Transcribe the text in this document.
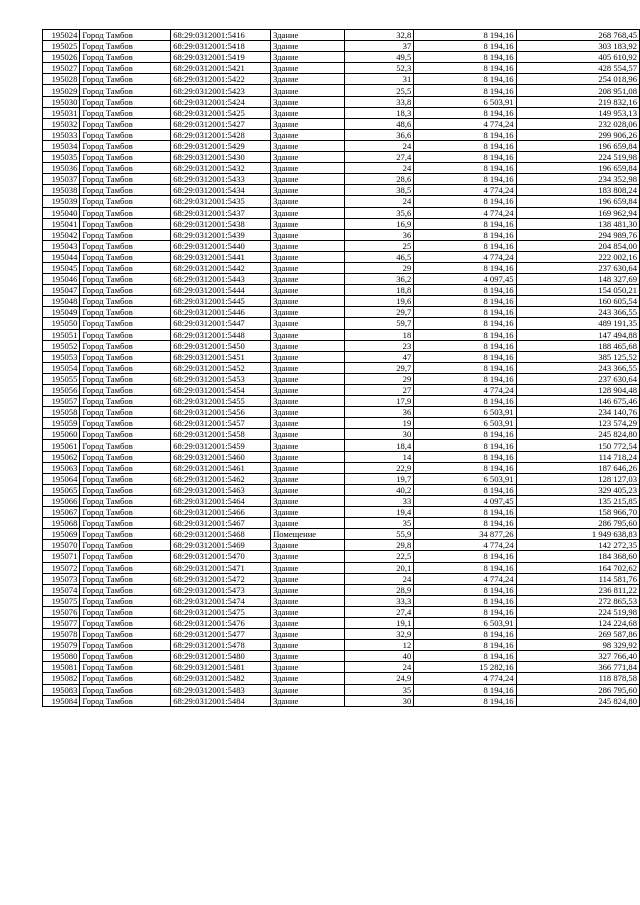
195024	Город Тамбов	68:29:0312001:5416	Здание	32,8	8 194,16	268 768,45
195025	Город Тамбов	68:29:0312001:5418	Здание	37	8 194,16	303 183,92
195026	Город Тамбов	68:29:0312001:5419	Здание	49,5	8 194,16	405 610,92
195027	Город Тамбов	68:29:0312001:5421	Здание	52,3	8 194,16	428 554,57
195028	Город Тамбов	68:29:0312001:5422	Здание	31	8 194,16	254 018,96
195029	Город Тамбов	68:29:0312001:5423	Здание	25,5	8 194,16	208 951,08
195030	Город Тамбов	68:29:0312001:5424	Здание	33,8	6 503,91	219 832,16
195031	Город Тамбов	68:29:0312001:5425	Здание	18,3	8 194,16	149 953,13
195032	Город Тамбов	68:29:0312001:5427	Здание	48,6	4 774,24	232 028,06
195033	Город Тамбов	68:29:0312001:5428	Здание	36,6	8 194,16	299 906,26
195034	Город Тамбов	68:29:0312001:5429	Здание	24	8 194,16	196 659,84
195035	Город Тамбов	68:29:0312001:5430	Здание	27,4	8 194,16	224 519,98
195036	Город Тамбов	68:29:0312001:5432	Здание	24	8 194,16	196 659,84
195037	Город Тамбов	68:29:0312001:5433	Здание	28,6	8 194,16	234 352,98
195038	Город Тамбов	68:29:0312001:5434	Здание	38,5	4 774,24	183 808,24
195039	Город Тамбов	68:29:0312001:5435	Здание	24	8 194,16	196 659,84
195040	Город Тамбов	68:29:0312001:5437	Здание	35,6	4 774,24	169 962,94
195041	Город Тамбов	68:29:0312001:5438	Здание	16,9	8 194,16	138 481,30
195042	Город Тамбов	68:29:0312001:5439	Здание	36	8 194,16	294 989,76
195043	Город Тамбов	68:29:0312001:5440	Здание	25	8 194,16	204 854,00
195044	Город Тамбов	68:29:0312001:5441	Здание	46,5	4 774,24	222 002,16
195045	Город Тамбов	68:29:0312001:5442	Здание	29	8 194,16	237 630,64
195046	Город Тамбов	68:29:0312001:5443	Здание	36,2	4 097,45	148 327,69
195047	Город Тамбов	68:29:0312001:5444	Здание	18,8	8 194,16	154 050,21
195048	Город Тамбов	68:29:0312001:5445	Здание	19,6	8 194,16	160 605,54
195049	Город Тамбов	68:29:0312001:5446	Здание	29,7	8 194,16	243 366,55
195050	Город Тамбов	68:29:0312001:5447	Здание	59,7	8 194,16	489 191,35
195051	Город Тамбов	68:29:0312001:5448	Здание	18	8 194,16	147 494,88
195052	Город Тамбов	68:29:0312001:5450	Здание	23	8 194,16	188 465,68
195053	Город Тамбов	68:29:0312001:5451	Здание	47	8 194,16	385 125,52
195054	Город Тамбов	68:29:0312001:5452	Здание	29,7	8 194,16	243 366,55
195055	Город Тамбов	68:29:0312001:5453	Здание	29	8 194,16	237 630,64
195056	Город Тамбов	68:29:0312001:5454	Здание	27	4 774,24	128 904,48
195057	Город Тамбов	68:29:0312001:5455	Здание	17,9	8 194,16	146 675,46
195058	Город Тамбов	68:29:0312001:5456	Здание	36	6 503,91	234 140,76
195059	Город Тамбов	68:29:0312001:5457	Здание	19	6 503,91	123 574,29
195060	Город Тамбов	68:29:0312001:5458	Здание	30	8 194,16	245 824,80
195061	Город Тамбов	68:29:0312001:5459	Здание	18,4	8 194,16	150 772,54
195062	Город Тамбов	68:29:0312001:5460	Здание	14	8 194,16	114 718,24
195063	Город Тамбов	68:29:0312001:5461	Здание	22,9	8 194,16	187 646,26
195064	Город Тамбов	68:29:0312001:5462	Здание	19,7	6 503,91	128 127,03
195065	Город Тамбов	68:29:0312001:5463	Здание	40,2	8 194,16	329 405,23
195066	Город Тамбов	68:29:0312001:5464	Здание	33	4 097,45	135 215,85
195067	Город Тамбов	68:29:0312001:5466	Здание	19,4	8 194,16	158 966,70
195068	Город Тамбов	68:29:0312001:5467	Здание	35	8 194,16	286 795,60
195069	Город Тамбов	68:29:0312001:5468	Помещение	55,9	34 877,26	1 949 638,83
195070	Город Тамбов	68:29:0312001:5469	Здание	29,8	4 774,24	142 272,35
195071	Город Тамбов	68:29:0312001:5470	Здание	22,5	8 194,16	184 368,60
195072	Город Тамбов	68:29:0312001:5471	Здание	20,1	8 194,16	164 702,62
195073	Город Тамбов	68:29:0312001:5472	Здание	24	4 774,24	114 581,76
195074	Город Тамбов	68:29:0312001:5473	Здание	28,9	8 194,16	236 811,22
195075	Город Тамбов	68:29:0312001:5474	Здание	33,3	8 194,16	272 865,53
195076	Город Тамбов	68:29:0312001:5475	Здание	27,4	8 194,16	224 519,98
195077	Город Тамбов	68:29:0312001:5476	Здание	19,1	6 503,91	124 224,68
195078	Город Тамбов	68:29:0312001:5477	Здание	32,9	8 194,16	269 587,86
195079	Город Тамбов	68:29:0312001:5478	Здание	12	8 194,16	98 329,92
195080	Город Тамбов	68:29:0312001:5480	Здание	40	8 194,16	327 766,40
195081	Город Тамбов	68:29:0312001:5481	Здание	24	15 282,16	366 771,84
195082	Город Тамбов	68:29:0312001:5482	Здание	24,9	4 774,24	118 878,58
195083	Город Тамбов	68:29:0312001:5483	Здание	35	8 194,16	286 795,60
195084	Город Тамбов	68:29:0312001:5484	Здание	30	8 194,16	245 824,80
